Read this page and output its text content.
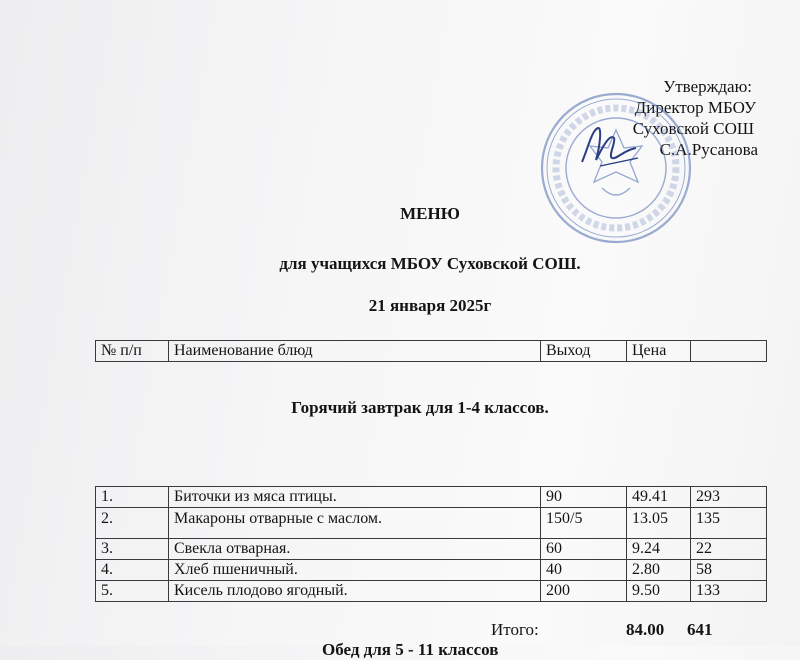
Утверждаю:
Директор МБОУ
Суховской СОШ
С.А.Русанова
МЕНЮ
для учащихся МБОУ Суховской СОШ.
21 января 2025г
№ п/п	Наименование блюд	Выход	Цена	
Горячий завтрак для 1-4 классов.
1.	Биточки из мяса птицы.	90	49.41	293
2.	Макароны отварные с маслом.	150/5	13.05	135
3.	Свекла отварная.	60	9.24	22
4.	Хлеб пшеничный.	40	2.80	58
5.	Кисель плодово ягодный.	200	9.50	133
Итого:	84.00 641
Обед для 5 - 11 классов
